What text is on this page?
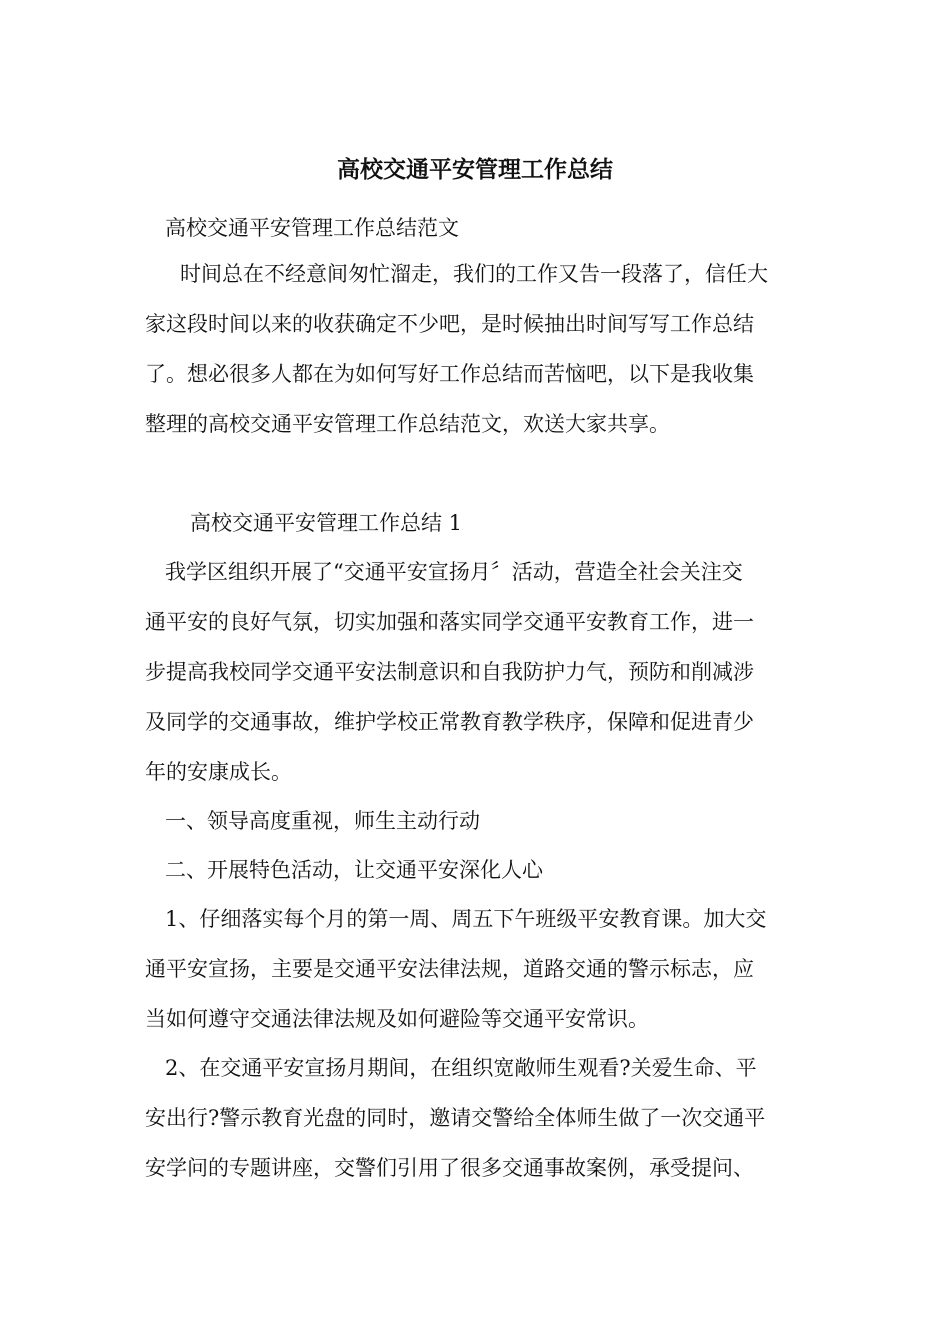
高校交通平安管理工作总结
高校交通平安管理工作总结范文
时间总在不经意间匆忙溜走，我们的工作又告一段落了，信任大
家这段时间以来的收获确定不少吧，是时候抽出时间写写工作总结
了。想必很多人都在为如何写好工作总结而苦恼吧，以下是我收集
整理的高校交通平安管理工作总结范文，欢送大家共享。
高校交通平安管理工作总结 1
我学区组织开展了“交通平安宣扬月〞活动，营造全社会关注交
通平安的良好气氛，切实加强和落实同学交通平安教育工作，进一
步提高我校同学交通平安法制意识和自我防护力气，预防和削减涉
及同学的交通事故，维护学校正常教育教学秩序，保障和促进青少
年的安康成长。
一、领导高度重视，师生主动行动
二、开展特色活动，让交通平安深化人心
1、仔细落实每个月的第一周、周五下午班级平安教育课。加大交
通平安宣扬，主要是交通平安法律法规，道路交通的警示标志，应
当如何遵守交通法律法规及如何避险等交通平安常识。
2、在交通平安宣扬月期间，在组织宽敞师生观看?关爱生命、平
安出行?警示教育光盘的同时，邀请交警给全体师生做了一次交通平
安学问的专题讲座，交警们引用了很多交通事故案例，承受提问、
